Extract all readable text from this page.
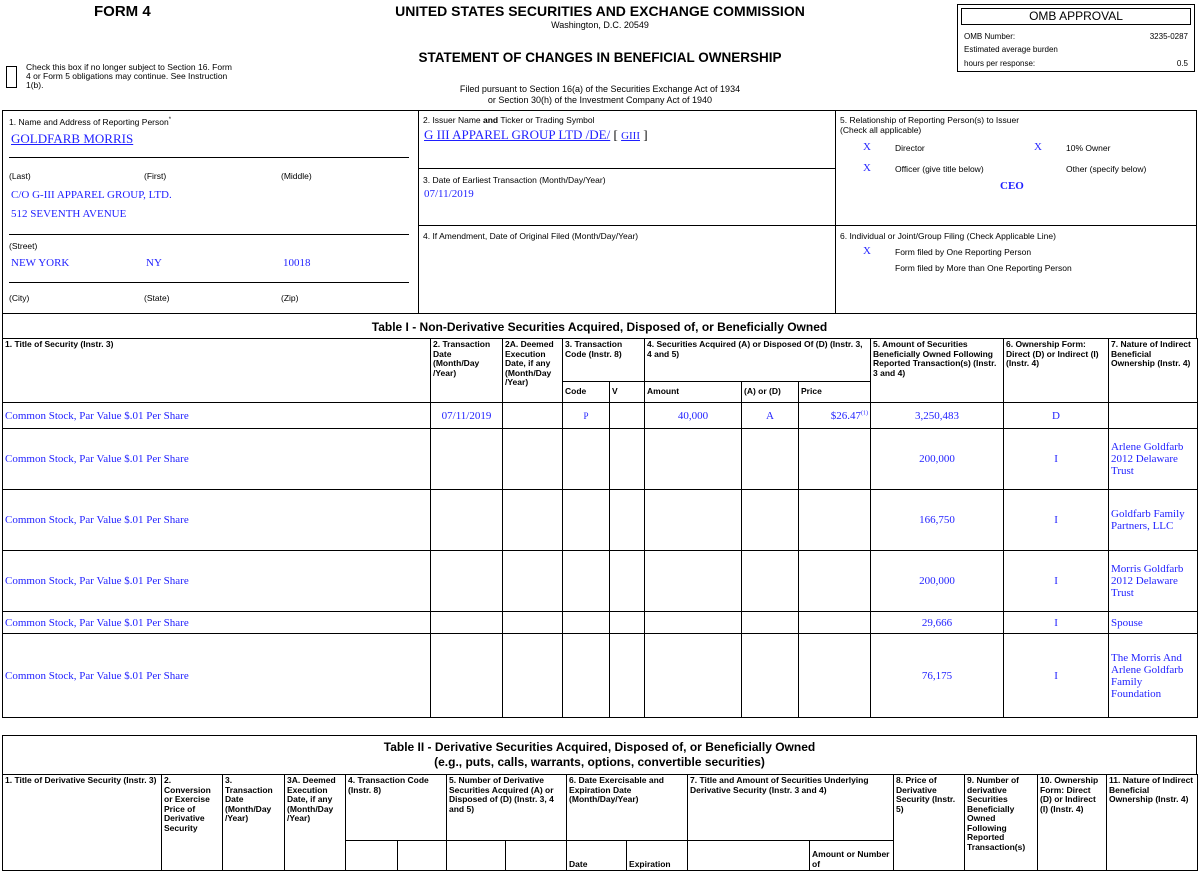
FORM 4	UNITED STATES SECURITIES AND EXCHANGE COMMISSION
Washington, D.C. 20549
STATEMENT OF CHANGES IN BENEFICIAL OWNERSHIP
Filed pursuant to Section 16(a) of the Securities Exchange Act of 1934
or Section 30(h) of the Investment Company Act of 1940
Check this box if no longer subject to Section 16. Form 4 or Form 5 obligations may continue. See Instruction 1(b).
OMB APPROVAL
OMB Number:	3235-0287
Estimated average burden
hours per response:	0.5
1. Name and Address of Reporting Person*
GOLDFARB MORRIS
(Last)	(First)	(Middle)
C/O G-III APPAREL GROUP, LTD.
512 SEVENTH AVENUE
(Street)
NEW YORK	NY	10018
(City)	(State)	(Zip)
2. Issuer Name and Ticker or Trading Symbol
G III APPAREL GROUP LTD /DE/ [ GIII ]
3. Date of Earliest Transaction (Month/Day/Year)
07/11/2019
4. If Amendment, Date of Original Filed (Month/Day/Year)
5. Relationship of Reporting Person(s) to Issuer
(Check all applicable)
X	Director	X	10% Owner
X	Officer (give title below)	Other (specify below)
CEO
6. Individual or Joint/Group Filing (Check Applicable Line)
X	Form filed by One Reporting Person
Form filed by More than One Reporting Person
Table I - Non-Derivative Securities Acquired, Disposed of, or Beneficially Owned
1. Title of Security (Instr. 3)	2. Transaction Date (Month/Day /Year)	2A. Deemed Execution Date, if any (Month/Day /Year)	3. Transaction Code (Instr. 8)		4. Securities Acquired (A) or Disposed Of (D) (Instr. 3, 4 and 5)			5. Amount of Securities Beneficially Owned Following Reported Transaction(s) (Instr. 3 and 4)	6. Ownership Form: Direct (D) or Indirect (I) (Instr. 4)	7. Nature of Indirect Beneficial Ownership (Instr. 4)
			Code	V	Amount	(A) or (D)	Price			
Common Stock, Par Value $.01 Per Share	07/11/2019		P		40,000	A	$26.47$^{(1)}$	3,250,483	D	
Common Stock, Par Value $.01 Per Share								200,000	I	Arlene Goldfarb 2012 Delaware Trust
Common Stock, Par Value $.01 Per Share								166,750	I	Goldfarb Family Partners, LLC
Common Stock, Par Value $.01 Per Share								200,000	I	Morris Goldfarb 2012 Delaware Trust
Common Stock, Par Value $.01 Per Share								29,666	I	Spouse
Common Stock, Par Value $.01 Per Share								76,175	I	The Morris And Arlene Goldfarb Family Foundation
Table II - Derivative Securities Acquired, Disposed of, or Beneficially Owned
(e.g., puts, calls, warrants, options, convertible securities)
1. Title of Derivative Security (Instr. 3)	2. Conversion or Exercise Price of Derivative Security	3. Transaction Date (Month/Day /Year)	3A. Deemed Execution Date, if any (Month/Day /Year)	4. Transaction Code (Instr. 8)		5. Number of Derivative Securities Acquired (A) or Disposed of (D) (Instr. 3, 4 and 5)		6. Date Exercisable and Expiration Date (Month/Day/Year)		7. Title and Amount of Securities Underlying Derivative Security (Instr. 3 and 4)		8. Price of Derivative Security (Instr. 5)	9. Number of derivative Securities Beneficially Owned Following Reported Transaction(s)	10. Ownership Form: Direct (D) or Indirect (I) (Instr. 4)	11. Nature of Indirect Beneficial Ownership (Instr. 4)
								Date	Expiration		Amount or Number of				
